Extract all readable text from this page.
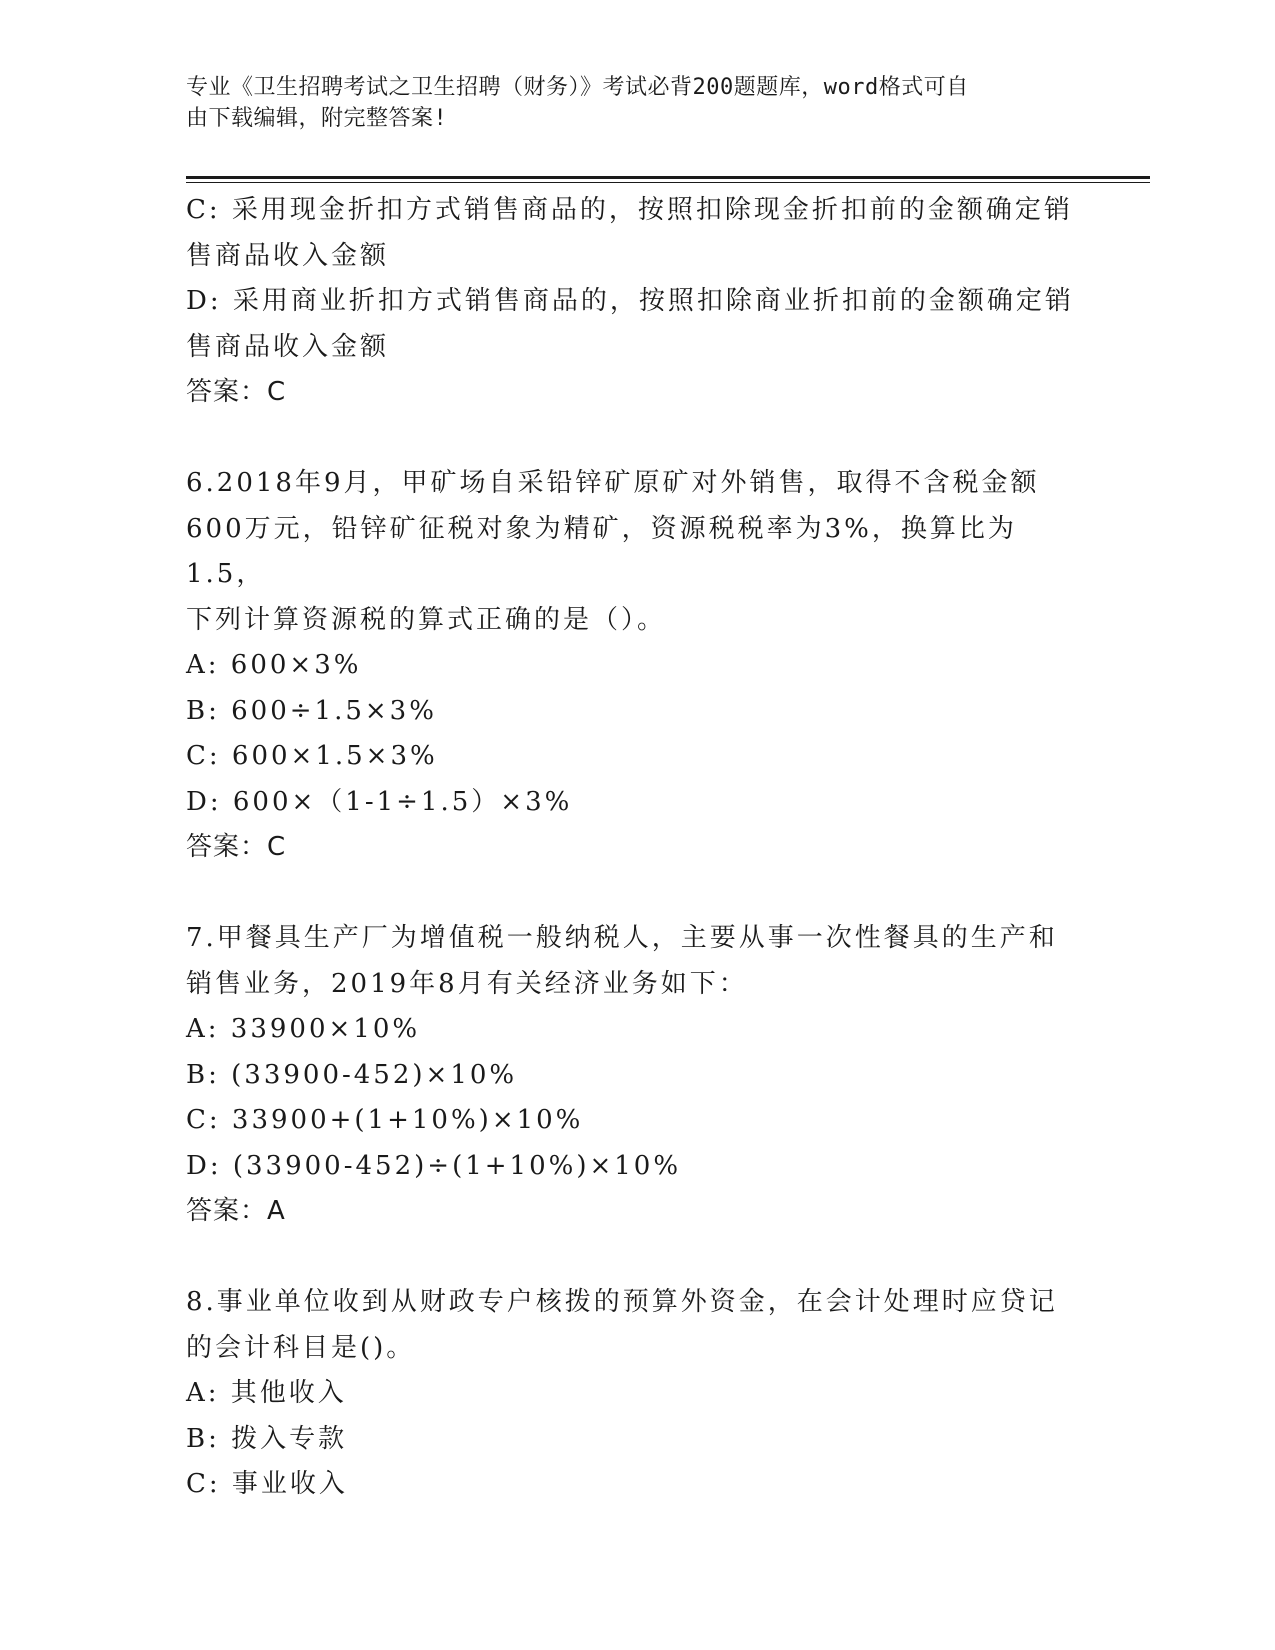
专业《卫生招聘考试之卫生招聘（财务）》考试必背200题题库，word格式可自
由下载编辑，附完整答案!

C: 采用现金折扣方式销售商品的，按照扣除现金折扣前的金额确定销

售商品收入金额

D: 采用商业折扣方式销售商品的，按照扣除商业折扣前的金额确定销

售商品收入金额

答案：C

6.2018年9月，甲矿场自采铅锌矿原矿对外销售，取得不含税金额

600万元，铅锌矿征税对象为精矿，资源税税率为3%，换算比为1.5，

下列计算资源税的算式正确的是（）。

A: 600×3%

B: 600÷1.5×3%

C: 600×1.5×3%

D: 600×（1-1÷1.5）×3%

答案：C

7.甲餐具生产厂为增值税一般纳税人，主要从事一次性餐具的生产和

销售业务，2019年8月有关经济业务如下：

A: 33900×10%

B: (33900-452)×10%

C: 33900+(1+10%)×10%

D: (33900-452)÷(1+10%)×10%

答案：A

8.事业单位收到从财政专户核拨的预算外资金，在会计处理时应贷记

的会计科目是()。

A: 其他收入

B: 拨入专款

C: 事业收入
